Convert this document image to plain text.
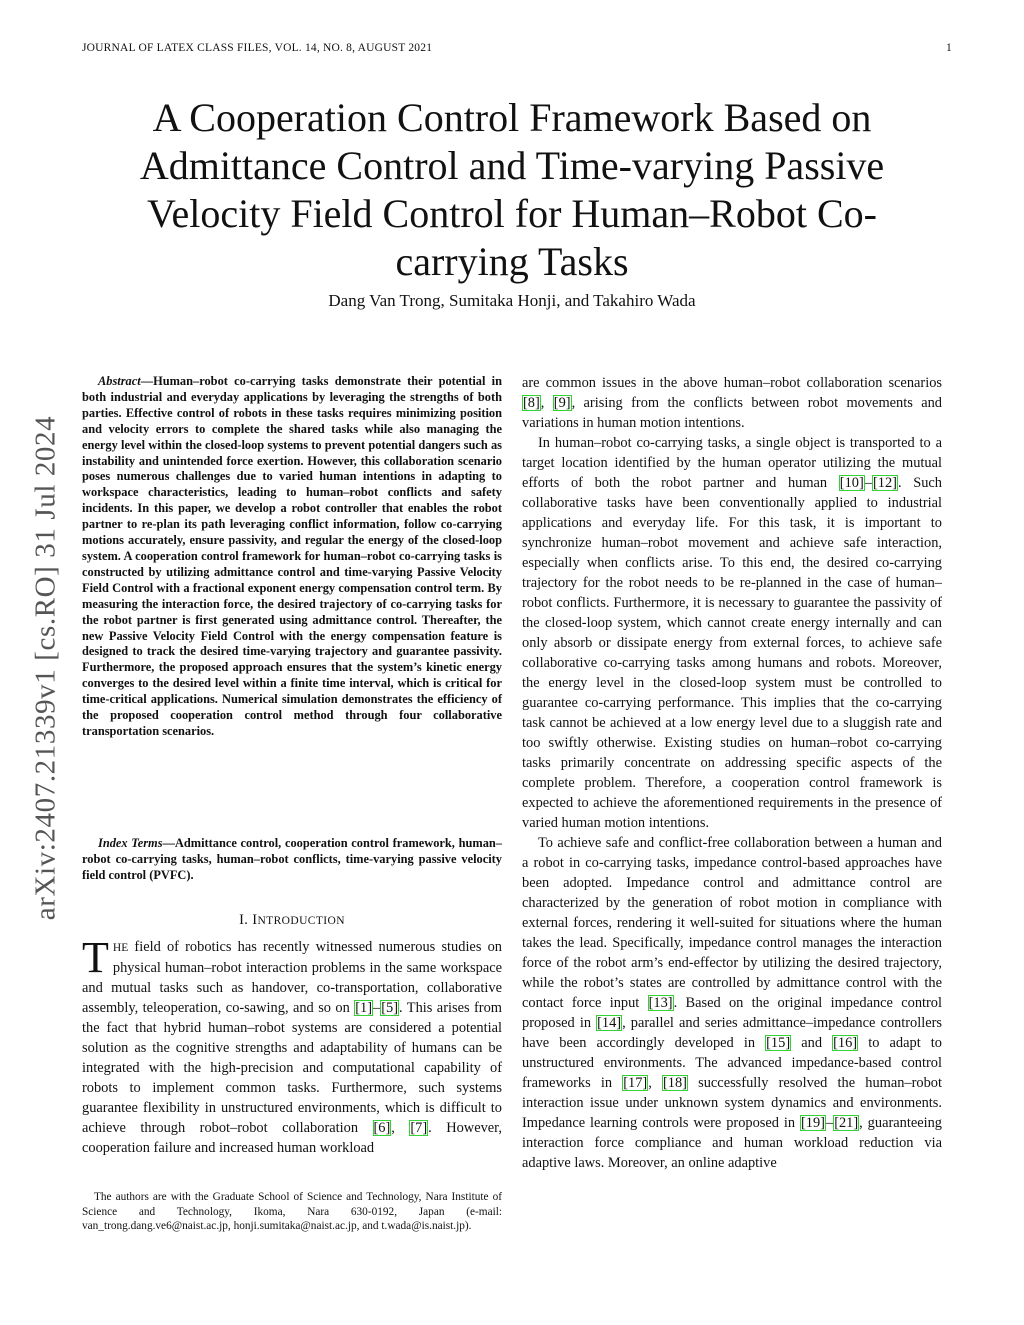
JOURNAL OF LATEX CLASS FILES, VOL. 14, NO. 8, AUGUST 2021	1
A Cooperation Control Framework Based on Admittance Control and Time-varying Passive Velocity Field Control for Human–Robot Co-carrying Tasks
Dang Van Trong, Sumitaka Honji, and Takahiro Wada
arXiv:2407.21339v1 [cs.RO] 31 Jul 2024
Abstract—Human–robot co-carrying tasks demonstrate their potential in both industrial and everyday applications by leveraging the strengths of both parties. Effective control of robots in these tasks requires minimizing position and velocity errors to complete the shared tasks while also managing the energy level within the closed-loop systems to prevent potential dangers such as instability and unintended force exertion. However, this collaboration scenario poses numerous challenges due to varied human intentions in adapting to workspace characteristics, leading to human–robot conflicts and safety incidents. In this paper, we develop a robot controller that enables the robot partner to re-plan its path leveraging conflict information, follow co-carrying motions accurately, ensure passivity, and regular the energy of the closed-loop system. A cooperation control framework for human–robot co-carrying tasks is constructed by utilizing admittance control and time-varying Passive Velocity Field Control with a fractional exponent energy compensation control term. By measuring the interaction force, the desired trajectory of co-carrying tasks for the robot partner is first generated using admittance control. Thereafter, the new Passive Velocity Field Control with the energy compensation feature is designed to track the desired time-varying trajectory and guarantee passivity. Furthermore, the proposed approach ensures that the system’s kinetic energy converges to the desired level within a finite time interval, which is critical for time-critical applications. Numerical simulation demonstrates the efficiency of the proposed cooperation control method through four collaborative transportation scenarios.
Index Terms—Admittance control, cooperation control framework, human–robot co-carrying tasks, human–robot conflicts, time-varying passive velocity field control (PVFC).
I. INTRODUCTION
THE field of robotics has recently witnessed numerous studies on physical human–robot interaction problems in the same workspace and mutual tasks such as handover, co-transportation, collaborative assembly, teleoperation, co-sawing, and so on [1]–[5]. This arises from the fact that hybrid human–robot systems are considered a potential solution as the cognitive strengths and adaptability of humans can be integrated with the high-precision and computational capability of robots to implement common tasks. Furthermore, such systems guarantee flexibility in unstructured environments, which is difficult to achieve through robot–robot collaboration [6], [7]. However, cooperation failure and increased human workload
The authors are with the Graduate School of Science and Technology, Nara Institute of Science and Technology, Ikoma, Nara 630-0192, Japan (e-mail: van_trong.dang.ve6@naist.ac.jp, honji.sumitaka@naist.ac.jp, and t.wada@is.naist.jp).

are common issues in the above human–robot collaboration scenarios [8], [9], arising from the conflicts between robot movements and variations in human motion intentions.

In human–robot co-carrying tasks, a single object is transported to a target location identified by the human operator utilizing the mutual efforts of both the robot partner and human [10]–[12]. Such collaborative tasks have been conventionally applied to industrial applications and everyday life. For this task, it is important to synchronize human–robot movement and achieve safe interaction, especially when conflicts arise. To this end, the desired co-carrying trajectory for the robot needs to be re-planned in the case of human–robot conflicts. Furthermore, it is necessary to guarantee the passivity of the closed-loop system, which cannot create energy internally and can only absorb or dissipate energy from external forces, to achieve safe collaborative co-carrying tasks among humans and robots. Moreover, the energy level in the closed-loop system must be controlled to guarantee co-carrying performance. This implies that the co-carrying task cannot be achieved at a low energy level due to a sluggish rate and too swiftly otherwise. Existing studies on human–robot co-carrying tasks primarily concentrate on addressing specific aspects of the complete problem. Therefore, a cooperation control framework is expected to achieve the aforementioned requirements in the presence of varied human motion intentions.

To achieve safe and conflict-free collaboration between a human and a robot in co-carrying tasks, impedance control-based approaches have been adopted. Impedance control and admittance control are characterized by the generation of robot motion in compliance with external forces, rendering it well-suited for situations where the human takes the lead. Specifically, impedance control manages the interaction force of the robot arm’s end-effector by utilizing the desired trajectory, while the robot’s states are controlled by admittance control with the contact force input [13]. Based on the original impedance control proposed in [14], parallel and series admittance–impedance controllers have been accordingly developed in [15] and [16] to adapt to unstructured environments. The advanced impedance-based control frameworks in [17], [18] successfully resolved the human–robot interaction issue under unknown system dynamics and environments. Impedance learning controls were proposed in [19]–[21], guaranteeing interaction force compliance and human workload reduction via adaptive laws. Moreover, an online adaptive
